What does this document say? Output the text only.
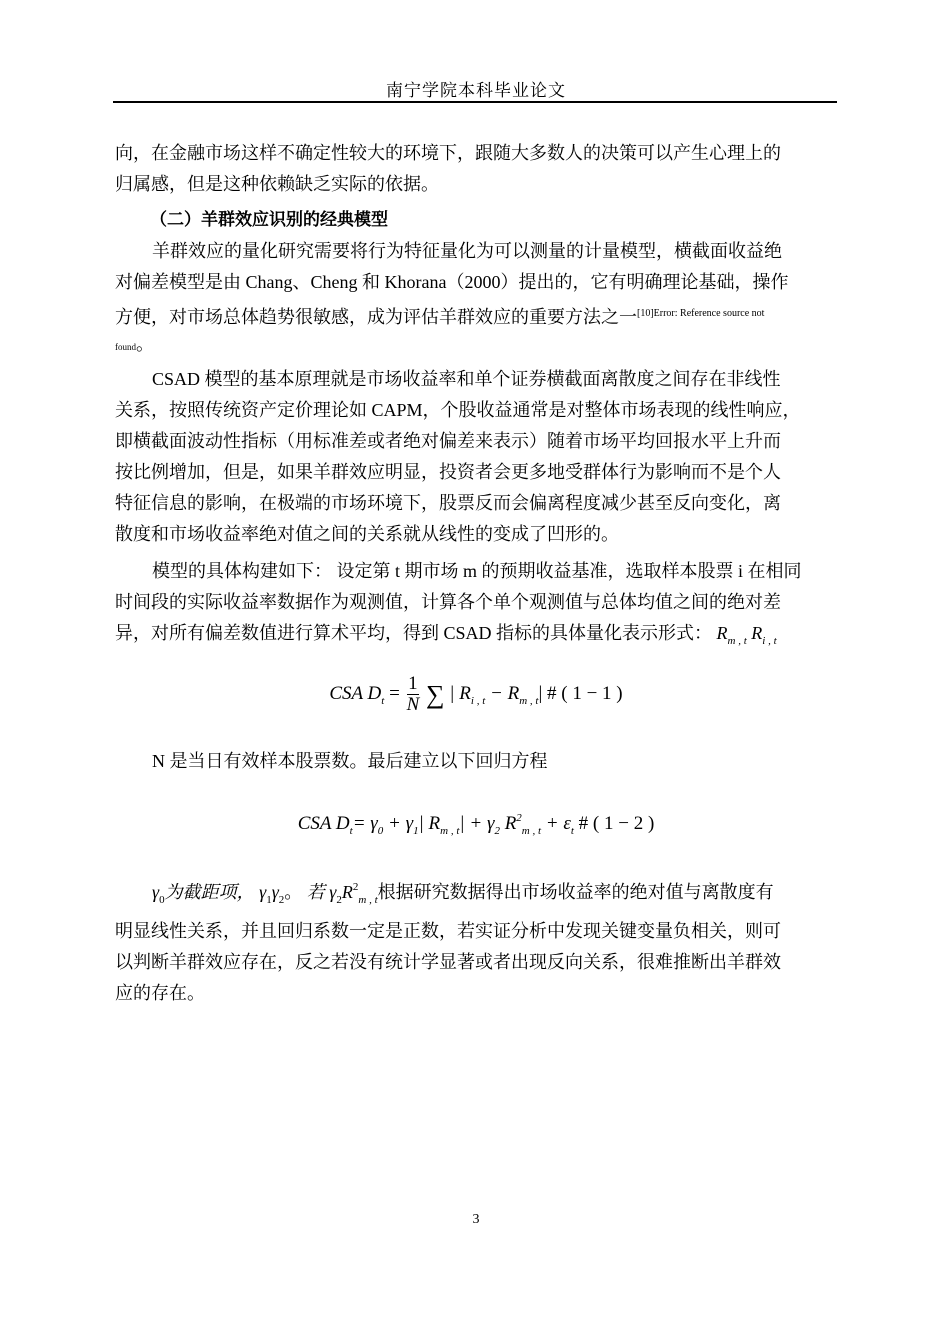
南宁学院本科毕业论文
向，在金融市场这样不确定性较大的环境下，跟随大多数人的决策可以产生心理上的
归属感，但是这种依赖缺乏实际的依据。
（二）羊群效应识别的经典模型
羊群效应的量化研究需要将行为特征量化为可以测量的计量模型，横截面收益绝
对偏差模型是由 Chang、Cheng 和 Khorana（2000）提出的，它有明确理论基础，操作
方便，对市场总体趋势很敏感，成为评估羊群效应的重要方法之一$^{[10]Error: Reference source not}$
found。
CSAD 模型的基本原理就是市场收益率和单个证券横截面离散度之间存在非线性
关系，按照传统资产定价理论如 CAPM，个股收益通常是对整体市场表现的线性响应，
即横截面波动性指标（用标准差或者绝对偏差来表示）随着市场平均回报水平上升而
按比例增加，但是，如果羊群效应明显，投资者会更多地受群体行为影响而不是个人
特征信息的影响，在极端的市场环境下，股票反而会偏离程度减少甚至反向变化，离
散度和市场收益率绝对值之间的关系就从线性的变成了凹形的。
模型的具体构建如下： 设定第 t 期市场 m 的预期收益基准，选取样本股票 i 在相同
时间段的实际收益率数据作为观测值，计算各个单个观测值与总体均值之间的绝对差
异，对所有偏差数值进行算术平均，得到 CSAD 指标的具体量化表示形式： $R_{m , t}$ $R_{i , t}$
CSA $D_t = \frac{1}{N}$ ∑ | $R_{i , t} - R_{m , t}|$ # ( 1 − 1 )
N 是当日有效样本股票数。最后建立以下回归方程
CSA $D_t= \gamma_0 + \gamma_1|$ $R_{m , t}| + \gamma_2$ $R^2_{m , t} + \varepsilon_t$ # ( 1 − 2 )
$\gamma_0$为截距项， $\gamma_1\gamma_2$。 若 $\gamma_2R^2_{m , t}$根据研究数据得出市场收益率的绝对值与离散度有
明显线性关系，并且回归系数一定是正数，若实证分析中发现关键变量负相关，则可
以判断羊群效应存在，反之若没有统计学显著或者出现反向关系，很难推断出羊群效
应的存在。
3
